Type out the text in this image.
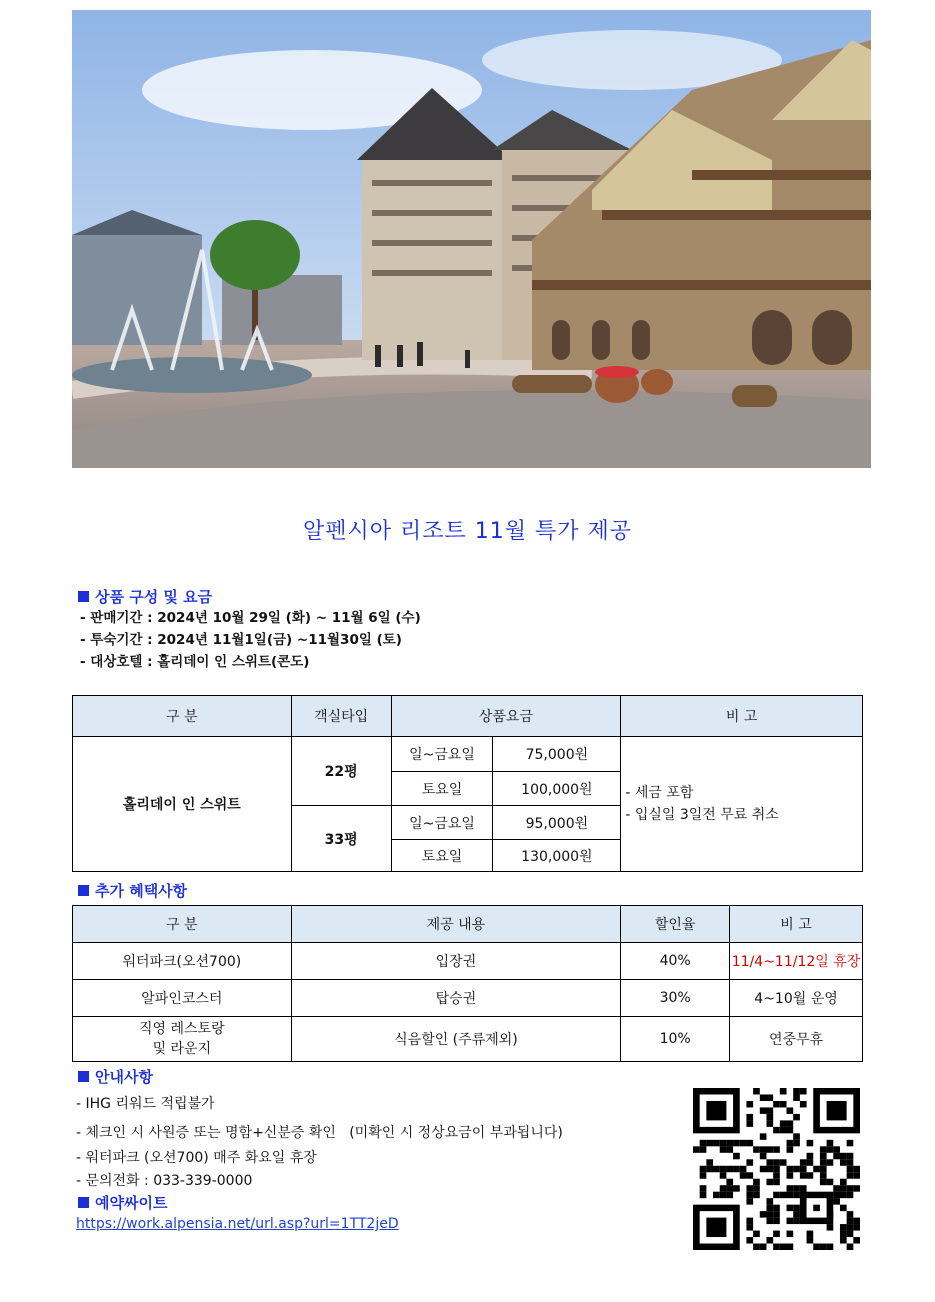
알펜시아 리조트 11월 특가 제공
상품 구성 및 요금
- 판매기간 : 2024년 10월 29일 (화) ~ 11월 6일 (수)
- 투숙기간 : 2024년 11월1일(금) ~11월30일 (토)
- 대상호텔 : 홀리데이 인 스위트(콘도)
구 분	객실타입	상품요금		비 고
홀리데이 인 스위트	22평	일~금요일	75,000원	- 세금 포함
- 입실일 3일전 무료 취소

		토요일	100,000원	
	33평	일~금요일	95,000원	
		토요일	130,000원	
추가 혜택사항
구 분	제공 내용	할인율	비 고
워터파크(오션700)	입장권	40%	11/4~11/12일 휴장
알파인코스터	탑승권	30%	4~10월 운영
직영 레스토랑
및 라운지	식음할인 (주류제외)	10%	연중무휴
안내사항
- IHG 리워드 적립불가
- 체크인 시 사원증 또는 명함+신분증 확인   (미확인 시 정상요금이 부과됩니다)
- 워터파크 (오션700) 매주 화요일 휴장
- 문의전화 : 033-339-0000
예약싸이트
https://work.alpensia.net/url.asp?url=1TT2jeD
